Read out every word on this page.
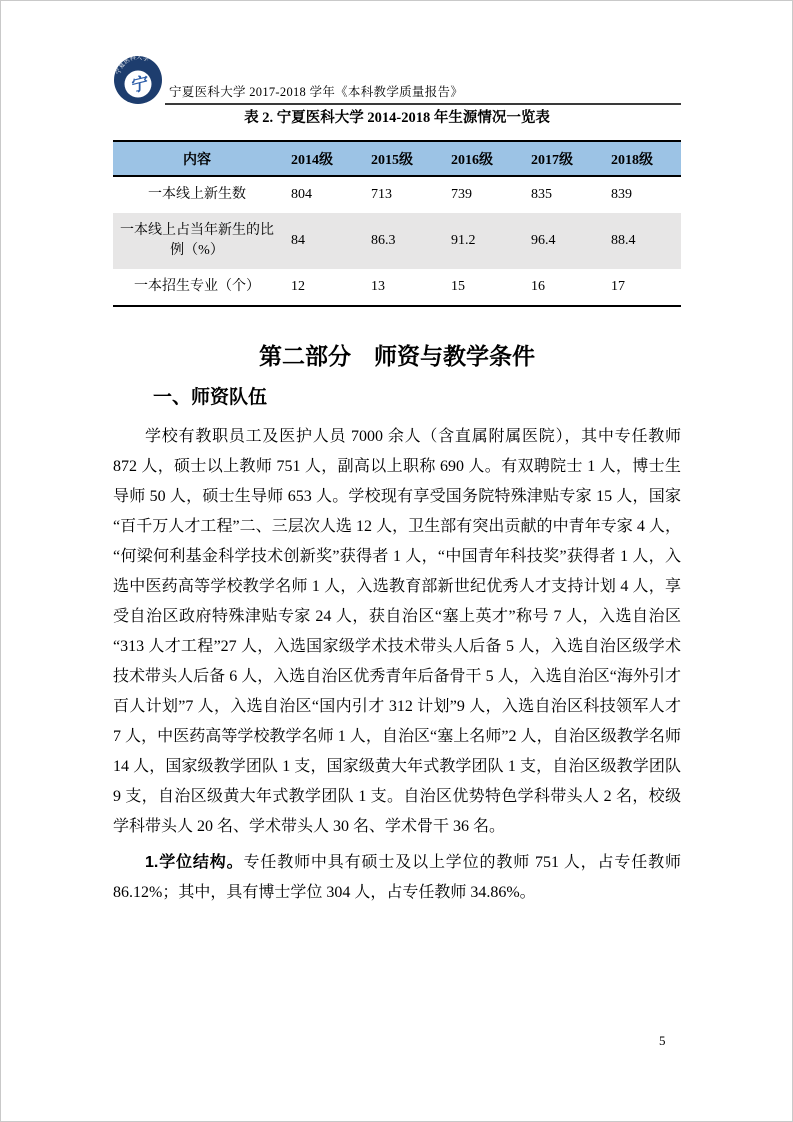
宁夏医科大学
宁	宁夏医科大学 2017-2018 学年《本科教学质量报告》
表 2. 宁夏医科大学 2014-2018 年生源情况一览表
内容	2014级	2015级	2016级	2017级	2018级
一本线上新生数	804	713	739	835	839
一本线上占当年新生的比例（%）	84	86.3	91.2	96.4	88.4
一本招生专业（个）	12	13	15	16	17
第二部分　师资与教学条件
一、师资队伍

学校有教职员工及医护人员 7000 余人（含直属附属医院），其中专任教师 872 人，硕士以上教师 751 人，副高以上职称 690 人。有双聘院士 1 人，博士生导师 50 人，硕士生导师 653 人。学校现有享受国务院特殊津贴专家 15 人，国家“百千万人才工程”二、三层次人选 12 人，卫生部有突出贡献的中青年专家 4 人，“何梁何利基金科学技术创新奖”获得者 1 人，“中国青年科技奖”获得者 1 人，入选中医药高等学校教学名师 1 人，入选教育部新世纪优秀人才支持计划 4 人，享受自治区政府特殊津贴专家 24 人，获自治区“塞上英才”称号 7 人，入选自治区“313 人才工程”27 人，入选国家级学术技术带头人后备 5 人，入选自治区级学术技术带头人后备 6 人，入选自治区优秀青年后备骨干 5 人，入选自治区“海外引才百人计划”7 人，入选自治区“国内引才 312 计划”9 人，入选自治区科技领军人才 7 人，中医药高等学校教学名师 1 人，自治区“塞上名师”2 人，自治区级教学名师 14 人，国家级教学团队 1 支，国家级黄大年式教学团队 1 支，自治区级教学团队 9 支，自治区级黄大年式教学团队 1 支。自治区优势特色学科带头人 2 名，校级学科带头人 20 名、学术带头人 30 名、学术骨干 36 名。

1.学位结构。专任教师中具有硕士及以上学位的教师 751 人，占专任教师 86.12%；其中，具有博士学位 304 人，占专任教师 34.86%。

5
